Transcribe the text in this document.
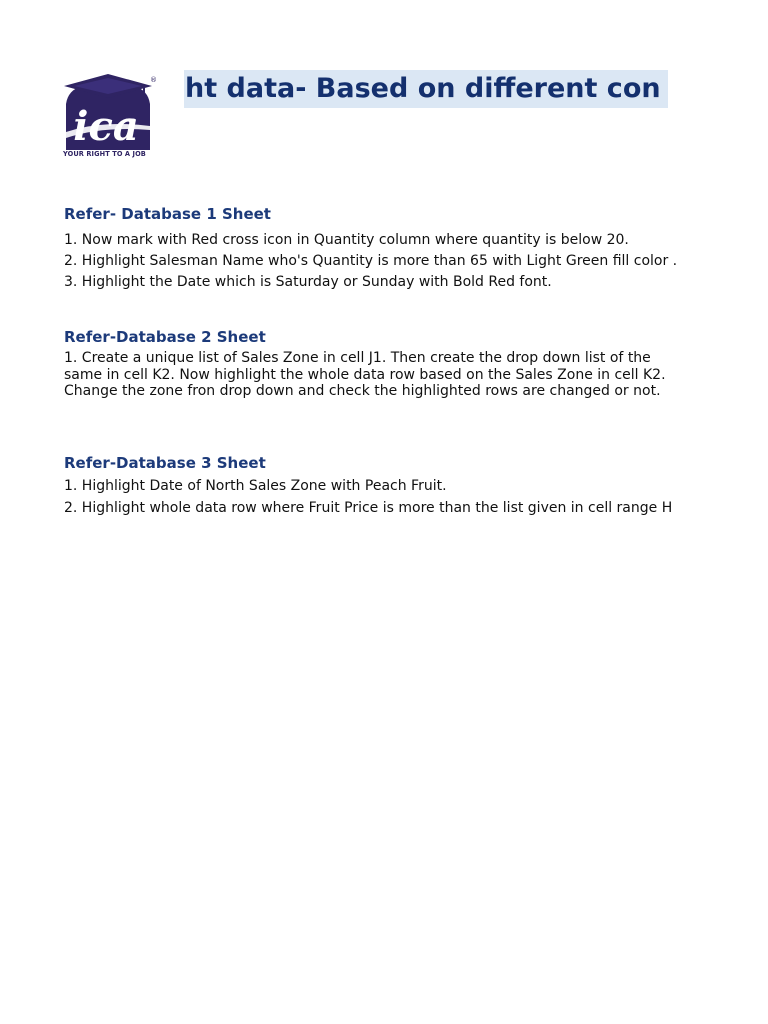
ica
®
YOUR RIGHT TO A JOB
ht data- Based on different con
Refer- Database 1 Sheet
1. Now mark with Red cross icon in Quantity column where quantity is below 20.
2. Highlight Salesman Name who's Quantity is more than 65 with Light Green fill color .
3. Highlight the Date which is Saturday or Sunday with Bold Red font.
Refer-Database 2 Sheet
1. Create a unique list of Sales Zone in cell J1. Then create the drop down list of the
same in cell K2. Now highlight the whole data row based on the Sales Zone in cell K2.
Change the zone fron drop down and check the highlighted rows are changed or not.
Refer-Database 3 Sheet
1. Highlight Date of North Sales Zone with Peach Fruit.
2. Highlight whole data row where Fruit Price is more than the list given in cell range H
